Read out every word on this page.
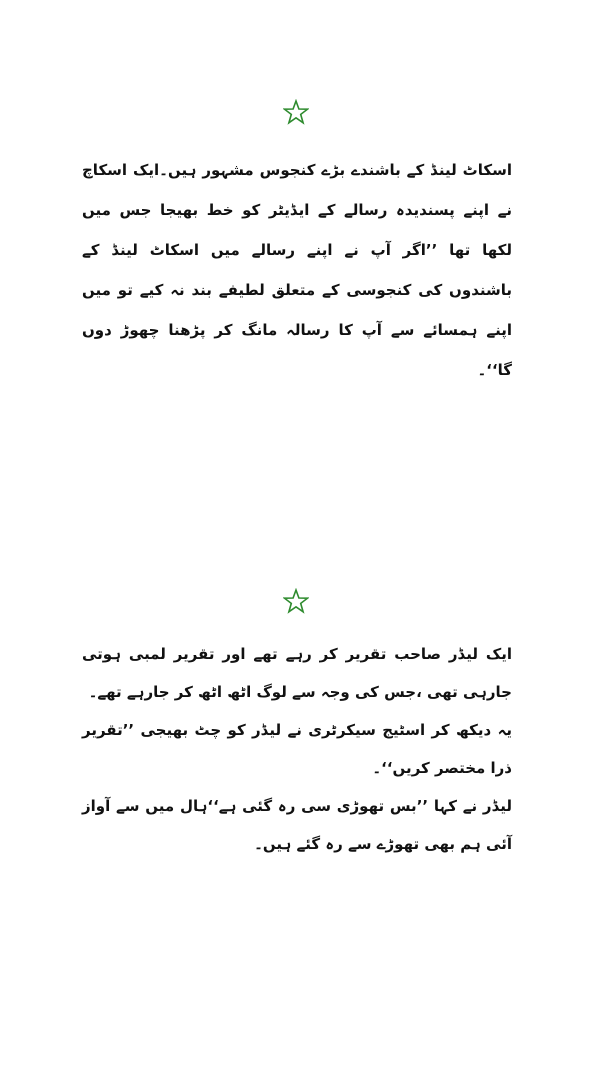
اسکاٹ لینڈ کے باشندے بڑے کنجوس مشہور ہیں۔ایک اسکاچ نے اپنے پسندیدہ رسالے کے ایڈیٹر کو خط بھیجا جس میں لکھا تھا ’’اگر آپ نے اپنے رسالے میں اسکاٹ لینڈ کے باشندوں کی کنجوسی کے متعلق لطیفے بند نہ کیے تو میں اپنے ہمسائے سے آپ کا رسالہ مانگ کر پڑھنا چھوڑ دوں گا‘‘۔

ایک لیڈر صاحب تقریر کر رہے تھے اور تقریر لمبی ہوتی جارہی تھی ،جس کی وجہ سے لوگ اٹھ اٹھ کر جارہے تھے۔

یہ دیکھ کر اسٹیج سیکرٹری نے لیڈر کو چٹ بھیجی ’’تقریر ذرا مختصر کریں‘‘۔

لیڈر نے کہا ’’بس تھوڑی سی رہ گئی ہے‘‘ہال میں سے آواز آئی ہم بھی تھوڑے سے رہ گئے ہیں۔
